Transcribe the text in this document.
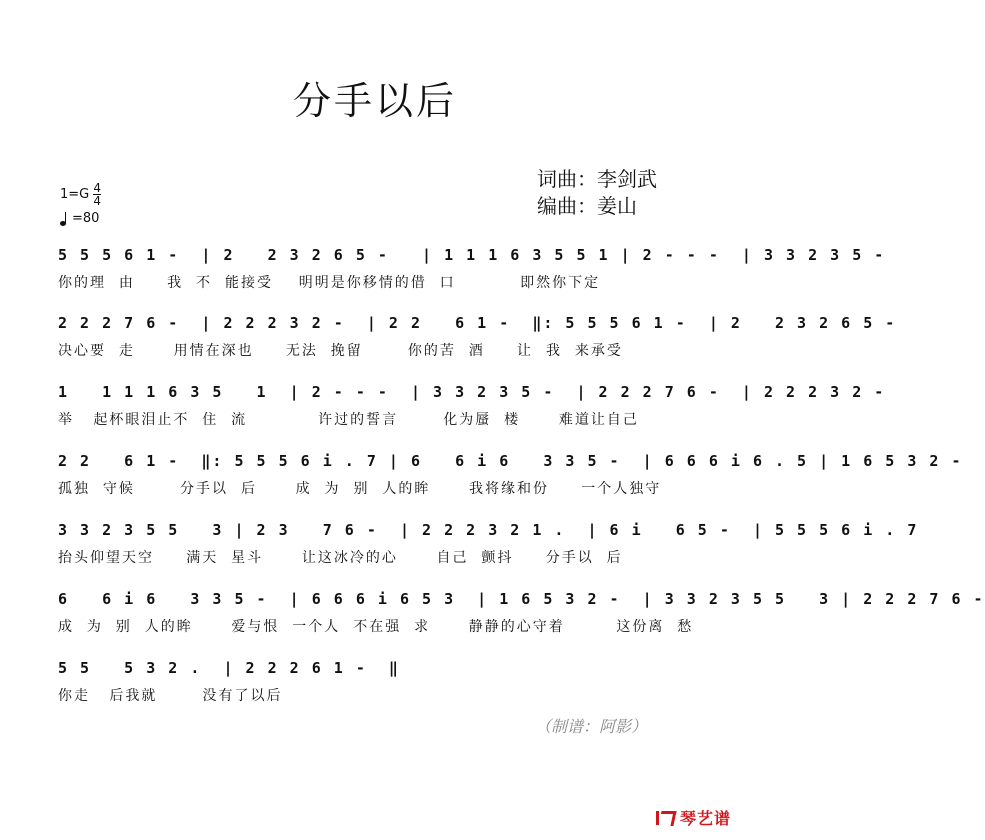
分手以后
词曲：李剑武
编曲：姜山
$1=G \frac{4}{4}$
=80
5 5 5 6 1 -  | 2   2 3 2 6 5 -   | 1 1 1 6 3 5 5 1 | 2 - - -  | 3 3 2 3 5 -
你的理  由     我  不  能接受    明明是你移情的借  口          即然你下定
2 2 2 7 6 -  | 2 2 2 3 2 -  | 2 2   6 1 -  ‖: 5 5 5 6 1 -  | 2   2 3 2 6 5 -
决心要  走      用情在深也     无法  挽留       你的苦  酒     让  我  来承受
1   1 1 1 6 3 5   1  | 2 - - -  | 3 3 2 3 5 -  | 2 2 2 7 6 -  | 2 2 2 3 2 -
举   起杯眼泪止不  住  流           许过的誓言       化为蜃  楼      难道让自己
2 2   6 1 -  ‖: 5 5 5 6 i . 7 | 6   6 i 6   3 3 5 -  | 6 6 6 i 6 . 5 | 1 6 5 3 2 -
孤独  守候       分手以  后      成  为  别  人的眸      我将缘和份     一个人独守
3 3 2 3 5 5   3 | 2 3   7 6 -  | 2 2 2 3 2 1 .  | 6 i   6 5 -  | 5 5 5 6 i . 7
抬头仰望天空     满天  星斗      让这冰冷的心      自己  颤抖     分手以  后
6   6 i 6   3 3 5 -  | 6 6 6 i 6 5 3  | 1 6 5 3 2 -  | 3 3 2 3 5 5   3 | 2 2 2 7 6 -
成  为  别  人的眸      爱与恨  一个人  不在强  求      静静的心守着        这份离  愁
5 5   5 3 2 .  | 2 2 2 6 1 -  ‖
你走   后我就       没有了以后
（制谱：阿影）
琴艺谱
